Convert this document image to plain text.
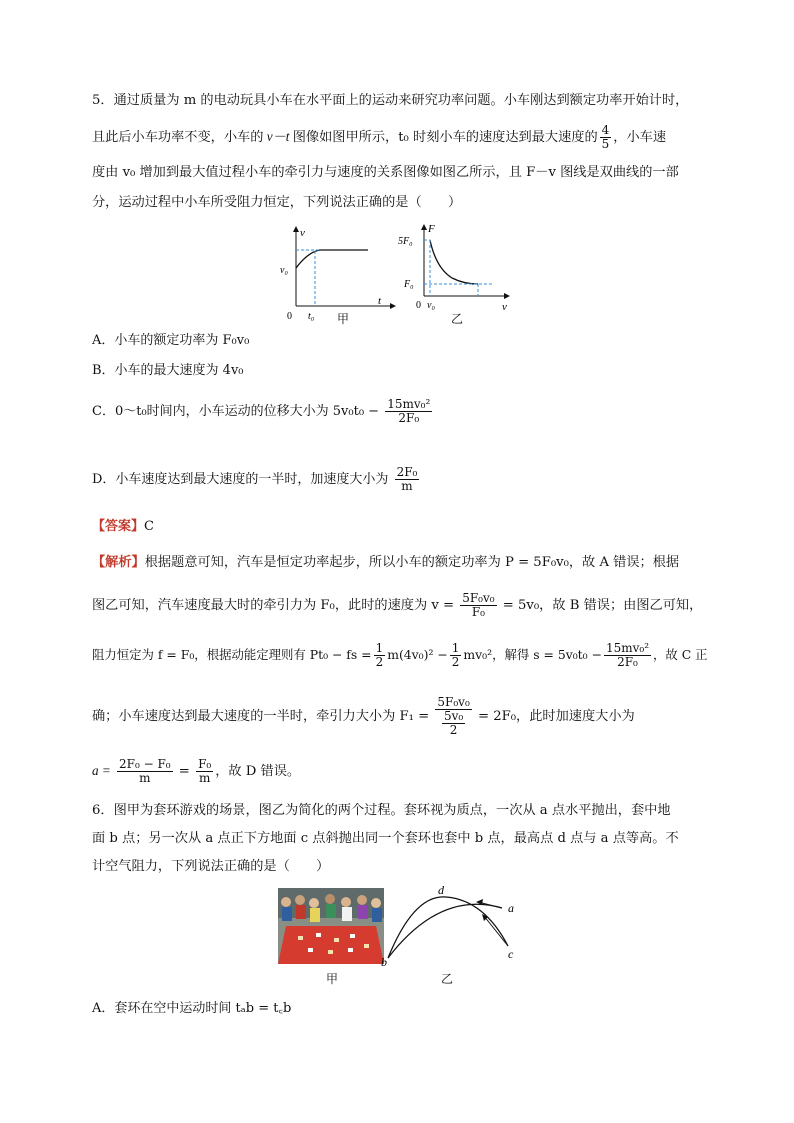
5．通过质量为 m 的电动玩具小车在水平面上的运动来研究功率问题。小车刚达到额定功率开始计时，
且此后小车功率不变，小车的 v－t 图像如图甲所示，t₀ 时刻小车的速度达到最大速度的 $\frac{4}{5}$ ，小车速
度由 v₀ 增加到最大值过程小车的牵引力与速度的关系图像如图乙所示，且 F－v 图线是双曲线的一部
分，运动过程中小车所受阻力恒定，下列说法正确的是（　　）
v
t
0
v₀
t₀ 甲
F
v
0
5F₀
F₀
v₀
乙
A．小车的额定功率为 F₀v₀
B．小车的最大速度为 4v₀
C．0～t₀时间内，小车运动的位移大小为 $5v_0t_0 - \frac{\text{15mv₀²}}{\text{2F₀}}$
D．小车速度达到最大速度的一半时，加速度大小为 $\frac{\text{2F₀}}{m}$
【答案】C
【解析】根据题意可知，汽车是恒定功率起步，所以小车的额定功率为 P = 5F₀v₀，故 A 错误；根据
图乙可知，汽车速度最大时的牵引力为 F₀，此时的速度为 $v = \frac{\text{5F₀v₀}}{\text{F₀}} = 5v_0$，故 B 错误；由图乙可知，
阻力恒定为 f = F₀，根据动能定理则有 Pt₀ − fs = $\frac{1}{2} m(4v_0)^2 - \frac{1}{2} mv_0^2$，解得 $s = 5v_0t_0 - \frac{\text{15mv₀²}}{\text{2F₀}}$ ，故 C 正
确；小车速度达到最大速度的一半时，牵引力大小为 $F_1 = \frac{\text{5F₀v₀}}{\frac{\text{5v₀}}{2}} = 2F_0$，此时加速度大小为
$a = \frac{\text{2F₀ − F₀}}{m} = \frac{\text{F₀}}{m}$ ，故 D 错误。
6．图甲为套环游戏的场景，图乙为简化的两个过程。套环视为质点，一次从 a 点水平抛出，套中地
面 b 点；另一次从 a 点正下方地面 c 点斜抛出同一个套环也套中 b 点，最高点 d 点与 a 点等高。不
计空气阻力，下列说法正确的是（　　）
甲
d
a
b
c
乙
A．套环在空中运动时间 tₐb = t꜀b
